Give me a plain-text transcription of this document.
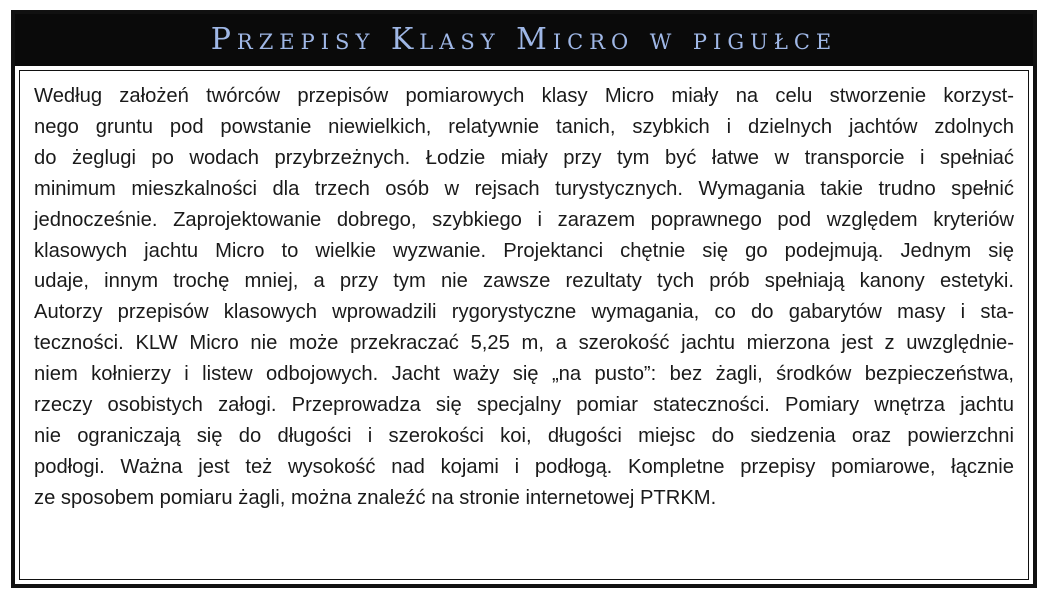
Przepisy Klasy Micro w pigułce

Według założeń twórców przepisów pomiarowych klasy Micro miały na celu stworzenie korzyst-
nego gruntu pod powstanie niewielkich, relatywnie tanich, szybkich i dzielnych jachtów zdolnych
do żeglugi po wodach przybrzeżnych. Łodzie miały przy tym być łatwe w transporcie i spełniać
minimum mieszkalności dla trzech osób w rejsach turystycznych. Wymagania takie trudno spełnić
jednocześnie. Zaprojektowanie dobrego, szybkiego i zarazem poprawnego pod względem kryteriów
klasowych jachtu Micro to wielkie wyzwanie. Projektanci chętnie się go podejmują. Jednym się
udaje, innym trochę mniej, a przy tym nie zawsze rezultaty tych prób spełniają kanony estetyki.
Autorzy przepisów klasowych wprowadzili rygorystyczne wymagania, co do gabarytów masy i sta-
teczności. KLW Micro nie może przekraczać 5,25 m, a szerokość jachtu mierzona jest z uwzględnie-
niem kołnierzy i listew odbojowych. Jacht waży się „na pusto”: bez żagli, środków bezpieczeństwa,
rzeczy osobistych załogi. Przeprowadza się specjalny pomiar stateczności. Pomiary wnętrza jachtu
nie ograniczają się do długości i szerokości koi, długości miejsc do siedzenia oraz powierzchni
podłogi. Ważna jest też wysokość nad kojami i podłogą. Kompletne przepisy pomiarowe, łącznie
ze sposobem pomiaru żagli, można znaleźć na stronie internetowej PTRKM.
